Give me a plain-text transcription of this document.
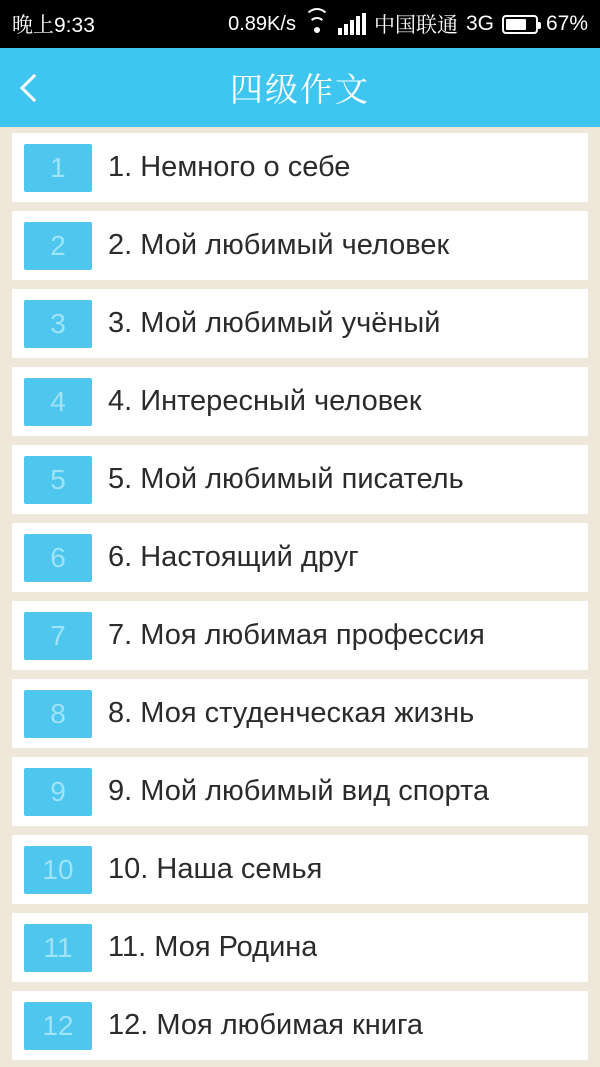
晚上9:33	0.89K/s	中国联通 3G 67%
四级作文
1	1. Немного о себе
2	2. Мой любимый человек
3	3. Мой любимый учёный
4	4. Интересный человек
5	5. Мой любимый писатель
6	6. Настоящий друг
7	7. Моя любимая профессия
8	8. Моя студенческая жизнь
9	9. Мой любимый вид спорта
10	10. Наша семья
11	11. Моя Родина
12	12. Моя любимая книга
